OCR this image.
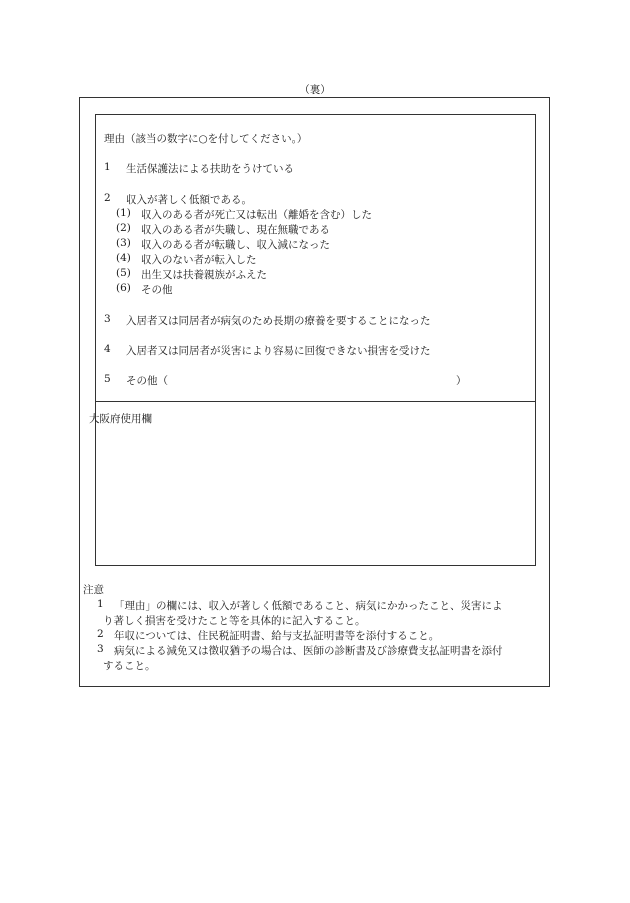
（裏）
理由（該当の数字に○を付してください。）
1 生活保護法による扶助をうけている
2 収入が著しく低額である。
(1) 収入のある者が死亡又は転出（離婚を含む）した
(2) 収入のある者が失職し、現在無職である
(3) 収入のある者が転職し、収入減になった
(4) 収入のない者が転入した
(5) 出生又は扶養親族がふえた
(6) その他
3 入居者又は同居者が病気のため長期の療養を要することになった
4 入居者又は同居者が災害により容易に回復できない損害を受けた
5 その他（	）
大阪府使用欄
注意
1 「理由」の欄には、収入が著しく低額であること、病気にかかったこと、災害によ
り著しく損害を受けたこと等を具体的に記入すること。
2 年収については、住民税証明書、給与支払証明書等を添付すること。
3 病気による減免又は徴収猶予の場合は、医師の診断書及び診療費支払証明書を添付
すること。
